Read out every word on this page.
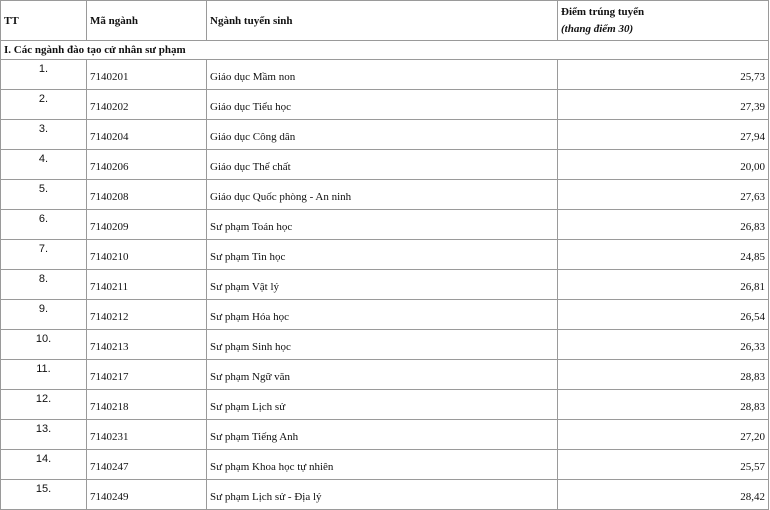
TT	Mã ngành	Ngành tuyển sinh	Điểm trúng tuyển
(thang điểm 30)

I. Các ngành đào tạo cử nhân sư phạm			
1.	7140201	Giáo dục Mầm non	25,73
2.	7140202	Giáo dục Tiểu học	27,39
3.	7140204	Giáo dục Công dân	27,94
4.	7140206	Giáo dục Thể chất	20,00
5.	7140208	Giáo dục Quốc phòng - An ninh	27,63
6.	7140209	Sư phạm Toán học	26,83
7.	7140210	Sư phạm Tin học	24,85
8.	7140211	Sư phạm Vật lý	26,81
9.	7140212	Sư phạm Hóa học	26,54
10.	7140213	Sư phạm Sinh học	26,33
11.	7140217	Sư phạm Ngữ văn	28,83
12.	7140218	Sư phạm Lịch sử	28,83
13.	7140231	Sư phạm Tiếng Anh	27,20
14.	7140247	Sư phạm Khoa học tự nhiên	25,57
15.	7140249	Sư phạm Lịch sử - Địa lý	28,42
